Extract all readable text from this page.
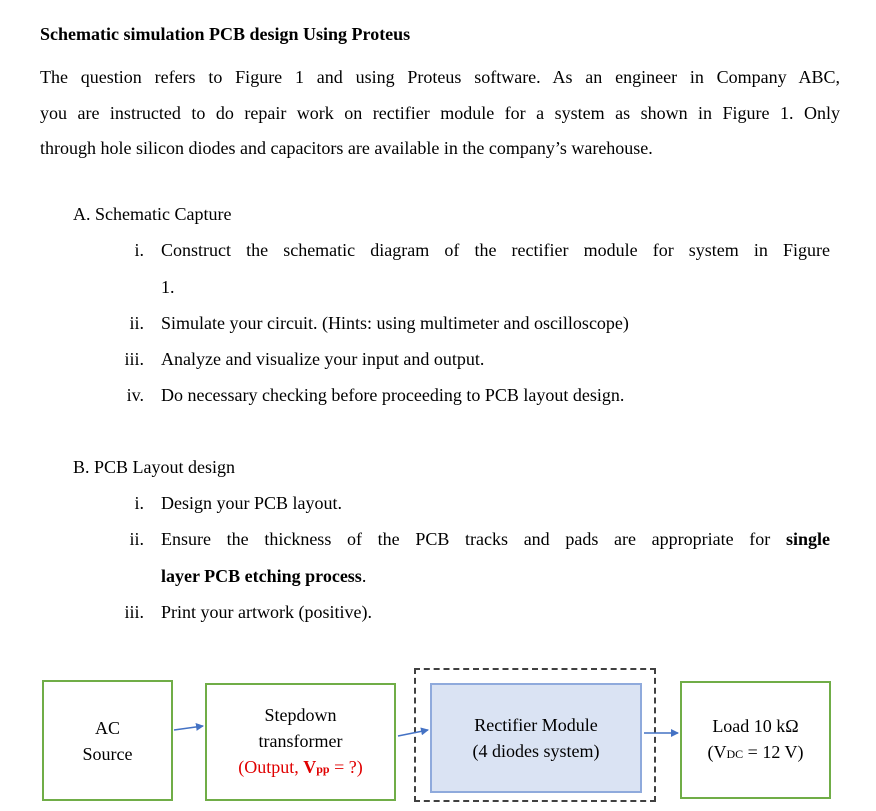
Schematic simulation PCB design Using Proteus
The question refers to Figure 1 and using Proteus software. As an engineer in Company ABC,
you are instructed to do repair work on rectifier module for a system as shown in Figure 1. Only
through hole silicon diodes and capacitors are available in the company’s warehouse.
A. Schematic Capture
i. Construct the schematic diagram of the rectifier module for system in Figure
1.
ii. Simulate your circuit. (Hints: using multimeter and oscilloscope)
iii. Analyze and visualize your input and output.
iv. Do necessary checking before proceeding to PCB layout design.
B. PCB Layout design
i. Design your PCB layout.
ii. Ensure the thickness of the PCB tracks and pads are appropriate for single
layer PCB etching process.
iii. Print your artwork (positive).
AC
Source
Stepdown
transformer
(Output, Vpp = ?)
Rectifier Module
(4 diodes system)
Load 10 kΩ
(VDC = 12 V)
